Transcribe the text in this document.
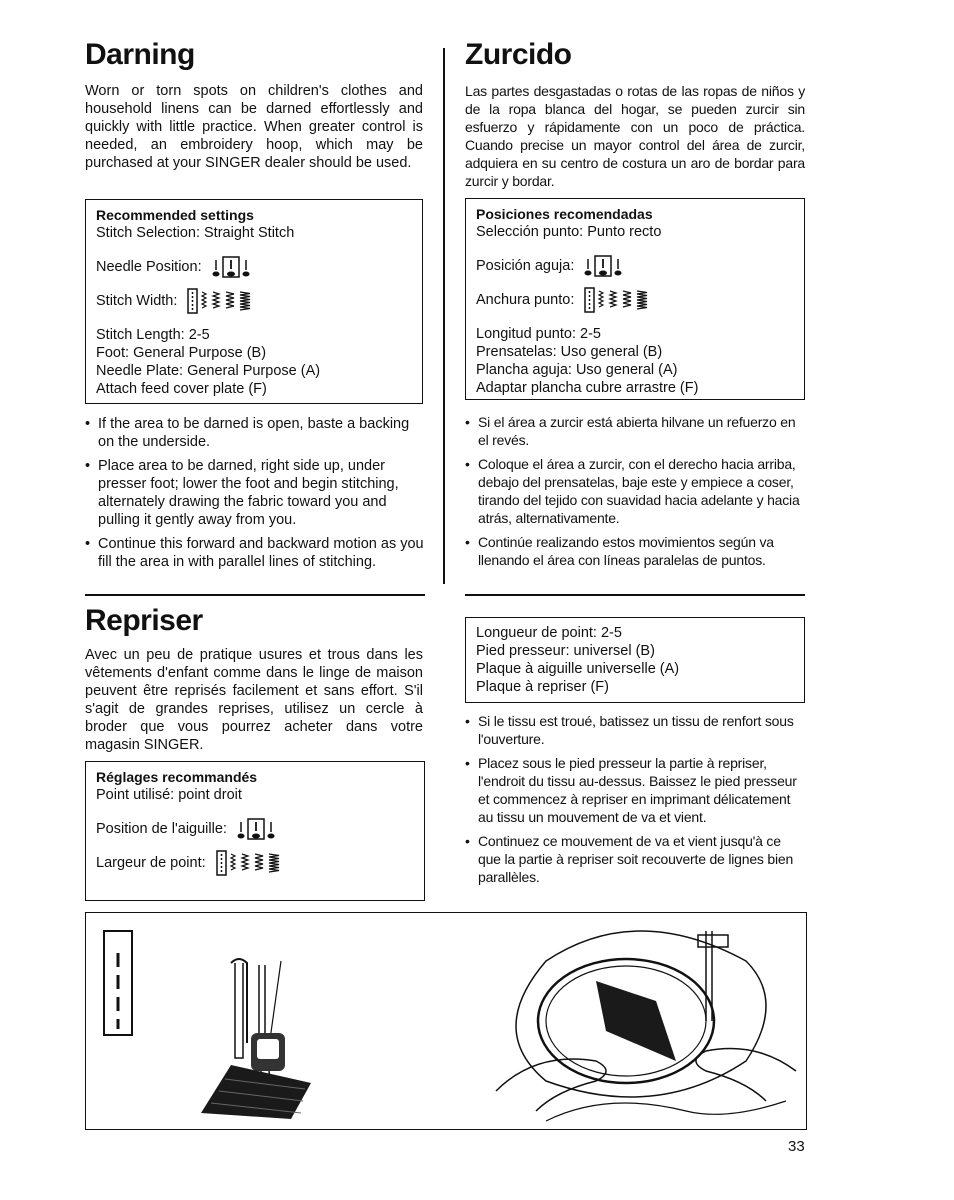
Darning

Worn or torn spots on children's clothes and household linens can be darned effortlessly and quickly with little practice. When greater control is needed, an embroidery hoop, which may be purchased at your SINGER dealer should be used.

Recommended settings
Stitch Selection: Straight Stitch
Needle Position:
Stitch Width:
Stitch Length: 2-5
Foot: General Purpose (B)
Needle Plate: General Purpose (A)
Attach feed cover plate (F)
• If the area to be darned is open, baste a backing on the underside.
• Place area to be darned, right side up, under presser foot; lower the foot and begin stitching, alternately drawing the fabric toward you and pulling it gently away from you.
• Continue this forward and backward motion as you fill the area in with parallel lines of stitching.
Zurcido

Las partes desgastadas o rotas de las ropas de niños y de la ropa blanca del hogar, se pueden zurcir sin esfuerzo y rápidamente con un poco de práctica. Cuando precise un mayor control del área de zurcir, adquiera en su centro de costura un aro de bordar para zurcir y bordar.

Posiciones recomendadas
Selección punto: Punto recto
Posición aguja:
Anchura punto:
Longitud punto: 2-5
Prensatelas: Uso general (B)
Plancha aguja: Uso general (A)
Adaptar plancha cubre arrastre (F)
• Si el área a zurcir está abierta hilvane un refuerzo en el revés.
• Coloque el área a zurcir, con el derecho hacia arriba, debajo del prensatelas, baje este y empiece a coser, tirando del tejido con suavidad hacia adelante y hacia atrás, alternativamente.
• Continúe realizando estos movimientos según va llenando el área con líneas paralelas de puntos.
Repriser

Avec un peu de pratique usures et trous dans les vêtements d'enfant comme dans le linge de maison peuvent être reprisés facilement et sans effort. S'il s'agit de grandes reprises, utilisez un cercle à broder que vous pourrez acheter dans votre magasin SINGER.

Réglages recommandés
Point utilisé: point droit
Position de l'aiguille:
Largeur de point:
Longueur de point: 2-5
Pied presseur: universel (B)
Plaque à aiguille universelle (A)
Plaque à repriser (F)
• Si le tissu est troué, batissez un tissu de renfort sous l'ouverture.
• Placez sous le pied presseur la partie à repriser, l'endroit du tissu au-dessus. Baissez le pied presseur et commencez à repriser en imprimant délicatement au tissu un mouvement de va et vient.
• Continuez ce mouvement de va et vient jusqu'à ce que la partie à repriser soit recouverte de lignes bien parallèles.
33
